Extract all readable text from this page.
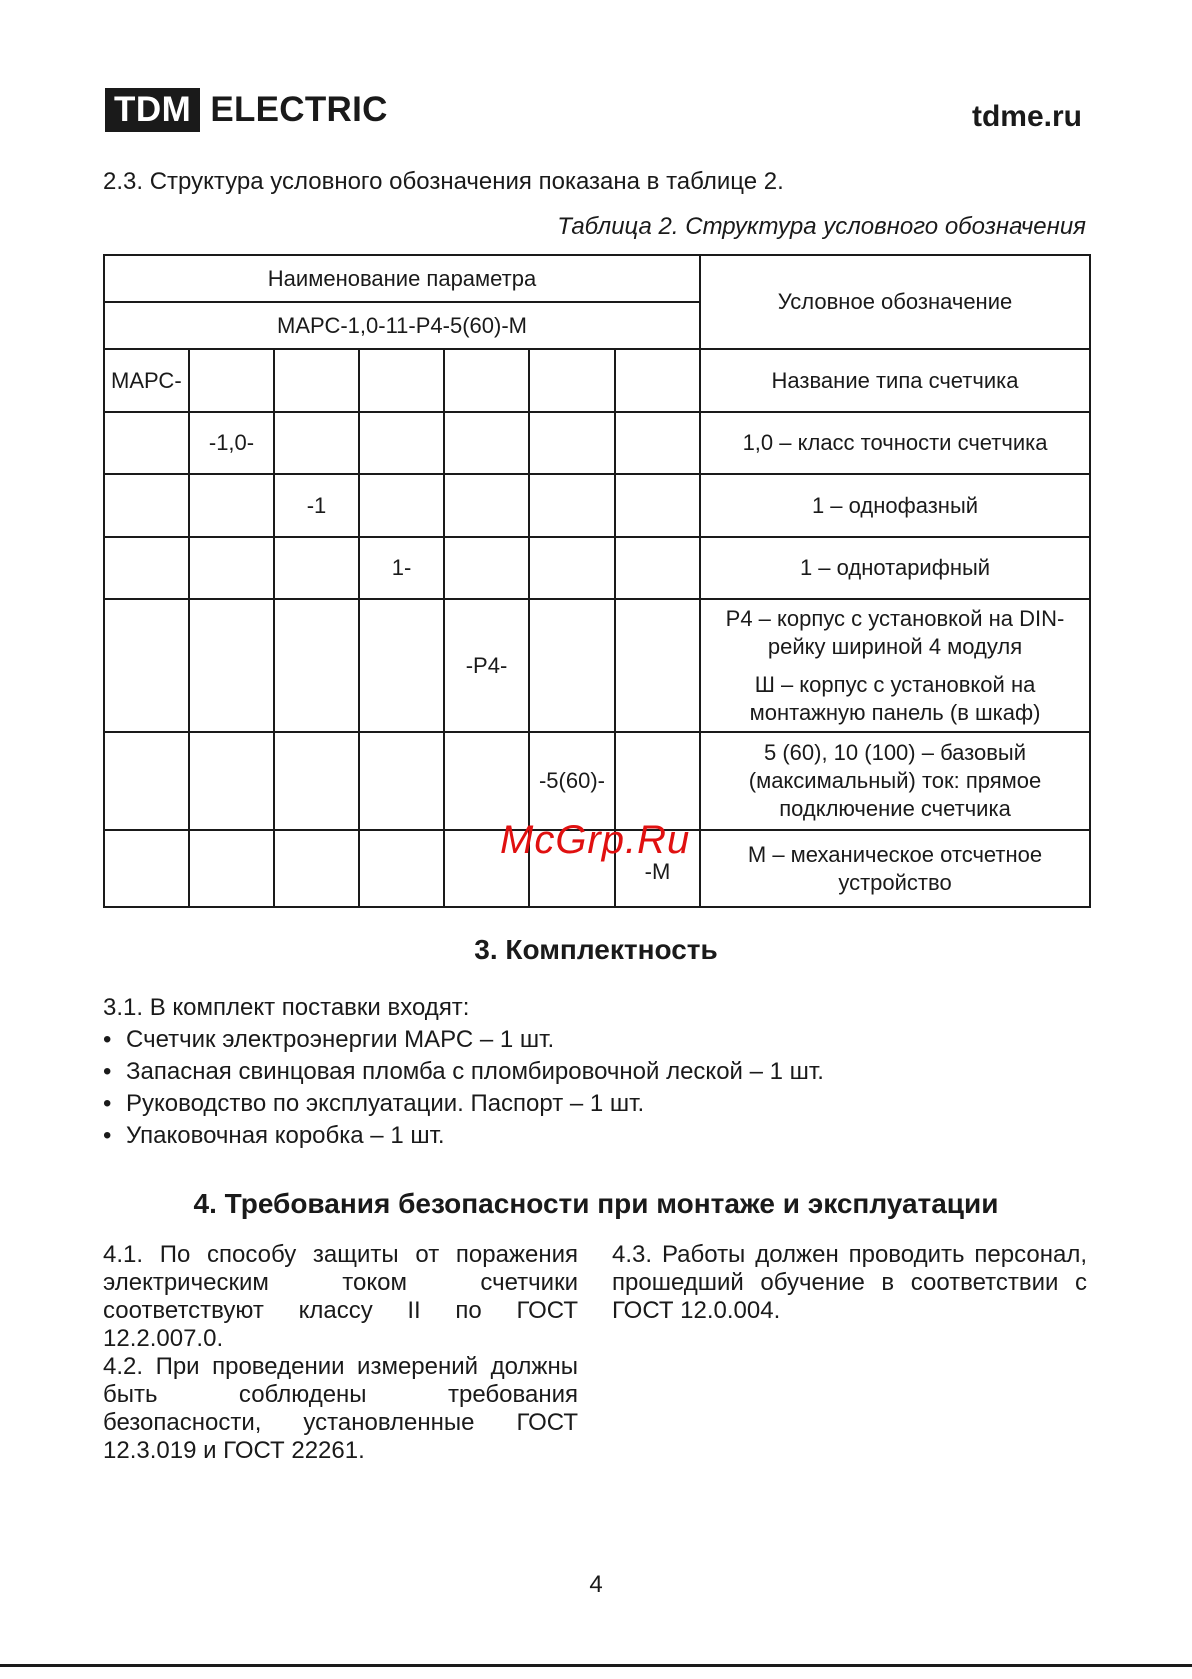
TDM ELECTRIC	tdme.ru
2.3. Структура условного обозначения показана в таблице 2.
Таблица 2. Структура условного обозначения
Наименование параметра							Условное обозначение
МАРС-1,0-11-Р4-5(60)-М							
МАРС-							Название типа счетчика
	-1,0-						1,0 – класс точности счетчика
		-1					1 – однофазный
			1-				1 – однотарифный
				-Р4-			Р4 – корпус с установкой на DIN-рейку шириной 4 модуля
Ш – корпус с установкой на монтажную панель (в шкаф)

					-5(60)-		5 (60), 10 (100) – базовый (максимальный) ток: прямое подключение счетчика
						-М	М – механическое отсчетное устройство
McGrp.Ru
3. Комплектность
3.1. В комплект поставки входят:
• Счетчик электроэнергии МАРС – 1 шт.
• Запасная свинцовая пломба с пломбировочной леской – 1 шт.
• Руководство по эксплуатации. Паспорт – 1 шт.
• Упаковочная коробка – 1 шт.
4. Требования безопасности при монтаже и эксплуатации

4.1. По способу защиты от поражения электрическим током счетчики соответствуют классу II по ГОСТ 12.2.007.0.

4.2. При проведении измерений должны быть соблюдены требования безопасности, установленные ГОСТ 12.3.019 и ГОСТ 22261.

4.3. Работы должен проводить персонал, прошедший обучение в соответствии с ГОСТ 12.0.004.

4
